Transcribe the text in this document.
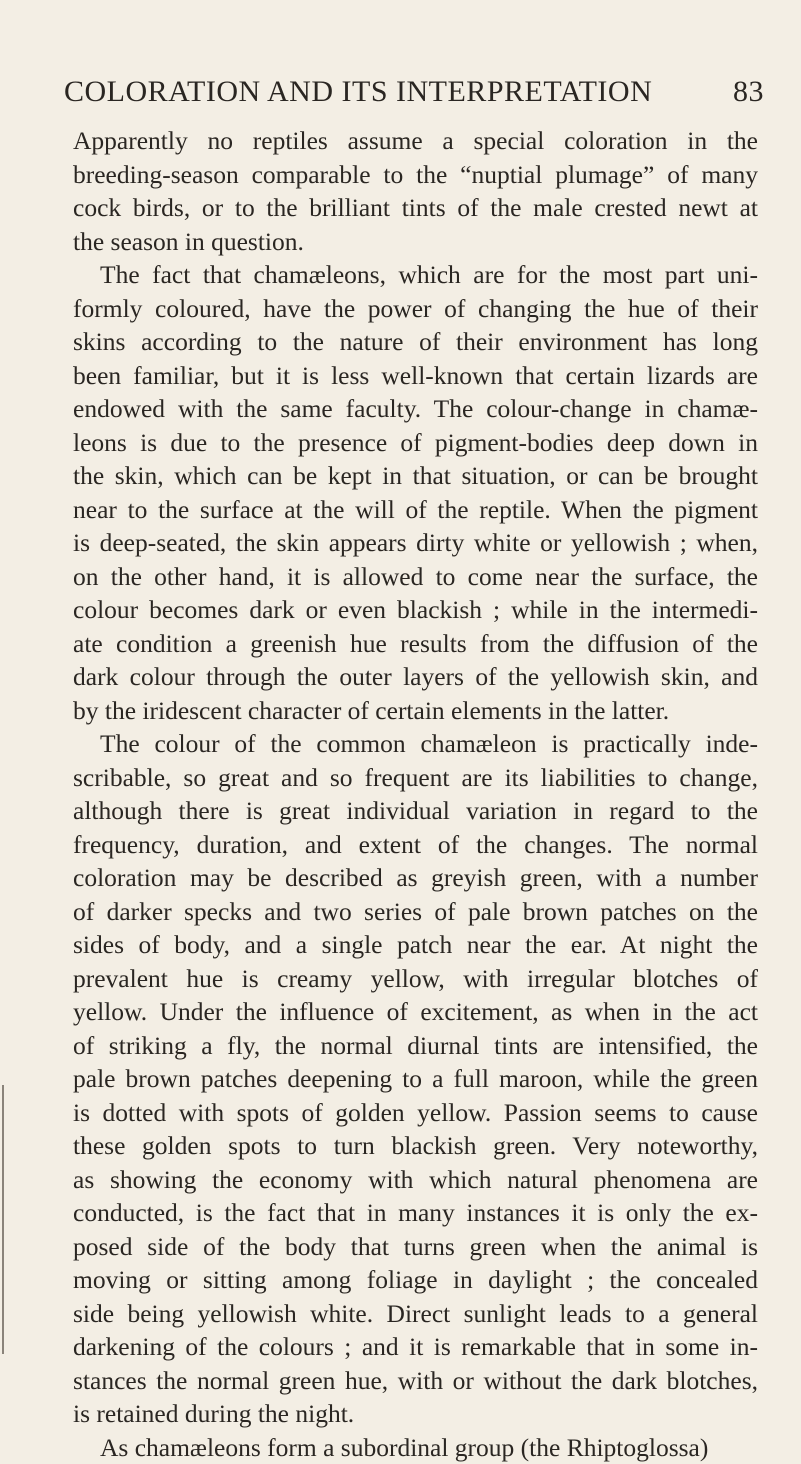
COLORATION AND ITS INTERPRETATION	83
Apparently no reptiles assume a special coloration in the
breeding-season comparable to the “nuptial plumage” of many
cock birds, or to the brilliant tints of the male crested newt at
the season in question.
The fact that chamæleons, which are for the most part uni-
formly coloured, have the power of changing the hue of their
skins according to the nature of their environment has long
been familiar, but it is less well-known that certain lizards are
endowed with the same faculty. The colour-change in chamæ-
leons is due to the presence of pigment-bodies deep down in
the skin, which can be kept in that situation, or can be brought
near to the surface at the will of the reptile. When the pigment
is deep-seated, the skin appears dirty white or yellowish ; when,
on the other hand, it is allowed to come near the surface, the
colour becomes dark or even blackish ; while in the intermedi-
ate condition a greenish hue results from the diffusion of the
dark colour through the outer layers of the yellowish skin, and
by the iridescent character of certain elements in the latter.
The colour of the common chamæleon is practically inde-
scribable, so great and so frequent are its liabilities to change,
although there is great individual variation in regard to the
frequency, duration, and extent of the changes. The normal
coloration may be described as greyish green, with a number
of darker specks and two series of pale brown patches on the
sides of body, and a single patch near the ear. At night the
prevalent hue is creamy yellow, with irregular blotches of
yellow. Under the influence of excitement, as when in the act
of striking a fly, the normal diurnal tints are intensified, the
pale brown patches deepening to a full maroon, while the green
is dotted with spots of golden yellow. Passion seems to cause
these golden spots to turn blackish green. Very noteworthy,
as showing the economy with which natural phenomena are
conducted, is the fact that in many instances it is only the ex-
posed side of the body that turns green when the animal is
moving or sitting among foliage in daylight ; the concealed
side being yellowish white. Direct sunlight leads to a general
darkening of the colours ; and it is remarkable that in some in-
stances the normal green hue, with or without the dark blotches,
is retained during the night.
As chamæleons form a subordinal group (the Rhiptoglossa)
